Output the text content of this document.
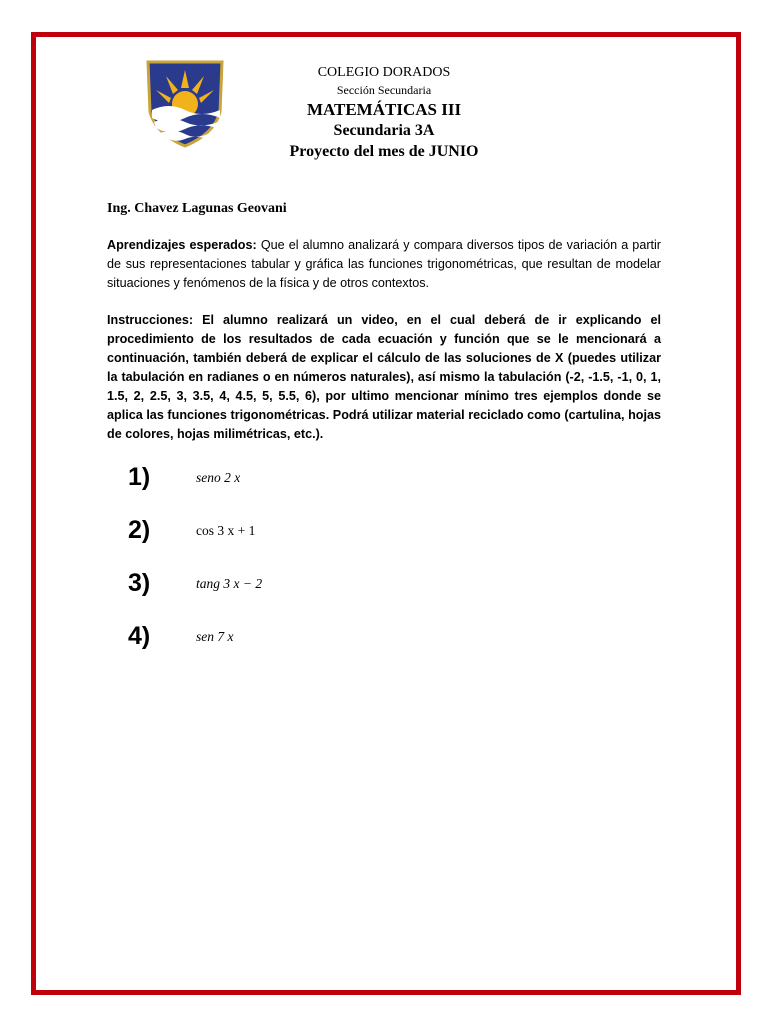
COLEGIO DORADOS
Sección Secundaria
MATEMÁTICAS III
Secundaria 3A
Proyecto del mes de JUNIO
Ing. Chavez Lagunas Geovani
Aprendizajes esperados: Que el alumno analizará y compara diversos tipos de variación a partir de sus representaciones tabular y gráfica las funciones trigonométricas, que resultan de modelar situaciones y fenómenos de la física y de otros contextos.
Instrucciones: El alumno realizará un video, en el cual deberá de ir explicando el procedimiento de los resultados de cada ecuación y función que se le mencionará a continuación, también deberá de explicar el cálculo de las soluciones de X (puedes utilizar la tabulación en radianes o en números naturales), así mismo la tabulación (-2, -1.5, -1, 0, 1, 1.5, 2, 2.5, 3, 3.5, 4, 4.5, 5, 5.5, 6), por ultimo mencionar mínimo tres ejemplos donde se aplica las funciones trigonométricas. Podrá utilizar material reciclado como (cartulina, hojas de colores, hojas milimétricas, etc.).
1)	seno 2 x
2)	cos 3 x + 1
3)	tang 3 x − 2
4)	sen 7 x
